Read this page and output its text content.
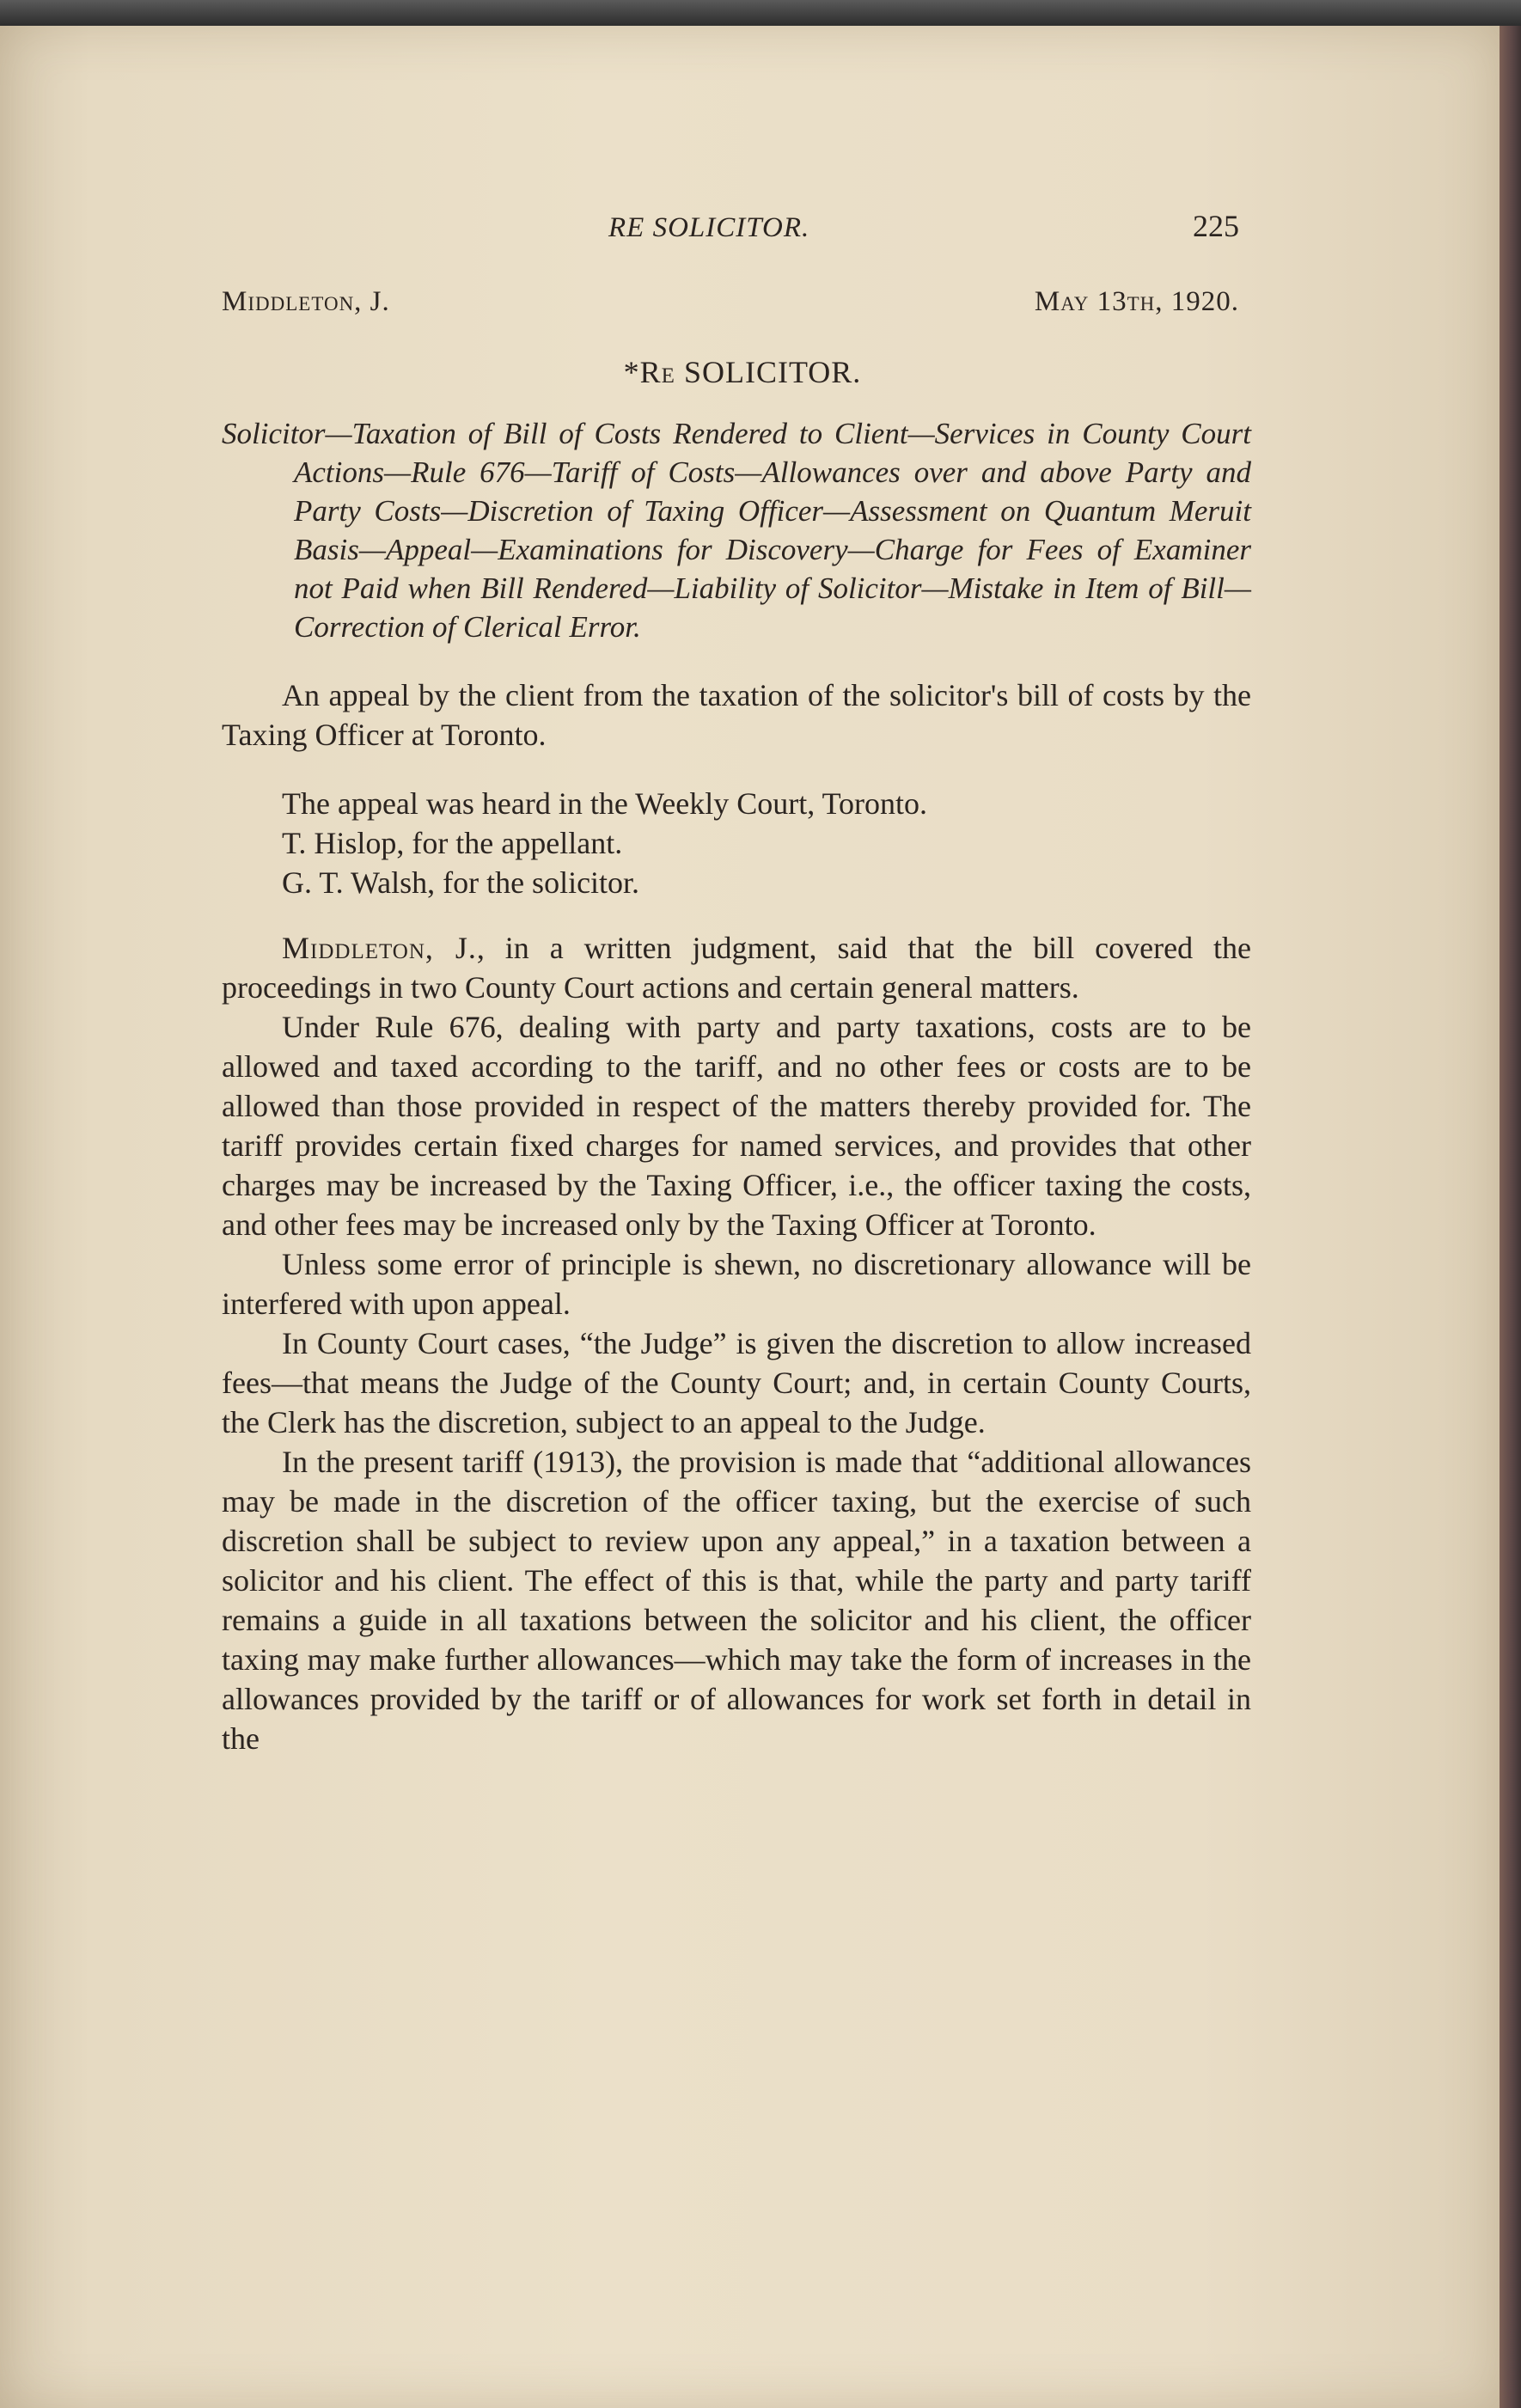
RE SOLICITOR.	225
Middleton, J.	May 13th, 1920.
*Re SOLICITOR.
Solicitor—Taxation of Bill of Costs Rendered to Client—Services in County Court Actions—Rule 676—Tariff of Costs—Allowances over and above Party and Party Costs—Discretion of Taxing Officer—Assessment on Quantum Meruit Basis—Appeal—Examinations for Discovery—Charge for Fees of Examiner not Paid when Bill Rendered—Liability of Solicitor—Mistake in Item of Bill—Correction of Clerical Error.

An appeal by the client from the taxation of the solicitor's bill of costs by the Taxing Officer at Toronto.

The appeal was heard in the Weekly Court, Toronto.

T. Hislop, for the appellant.

G. T. Walsh, for the solicitor.

Middleton, J., in a written judgment, said that the bill covered the proceedings in two County Court actions and certain general matters.

Under Rule 676, dealing with party and party taxations, costs are to be allowed and taxed according to the tariff, and no other fees or costs are to be allowed than those provided in respect of the matters thereby provided for. The tariff provides certain fixed charges for named services, and provides that other charges may be increased by the Taxing Officer, i.e., the officer taxing the costs, and other fees may be increased only by the Taxing Officer at Toronto.

Unless some error of principle is shewn, no discretionary allowance will be interfered with upon appeal.

In County Court cases, “the Judge” is given the discretion to allow increased fees—that means the Judge of the County Court; and, in certain County Courts, the Clerk has the discretion, subject to an appeal to the Judge.

In the present tariff (1913), the provision is made that “additional allowances may be made in the discretion of the officer taxing, but the exercise of such discretion shall be subject to review upon any appeal,” in a taxation between a solicitor and his client. The effect of this is that, while the party and party tariff remains a guide in all taxations between the solicitor and his client, the officer taxing may make further allowances—which may take the form of increases in the allowances provided by the tariff or of allowances for work set forth in detail in the
